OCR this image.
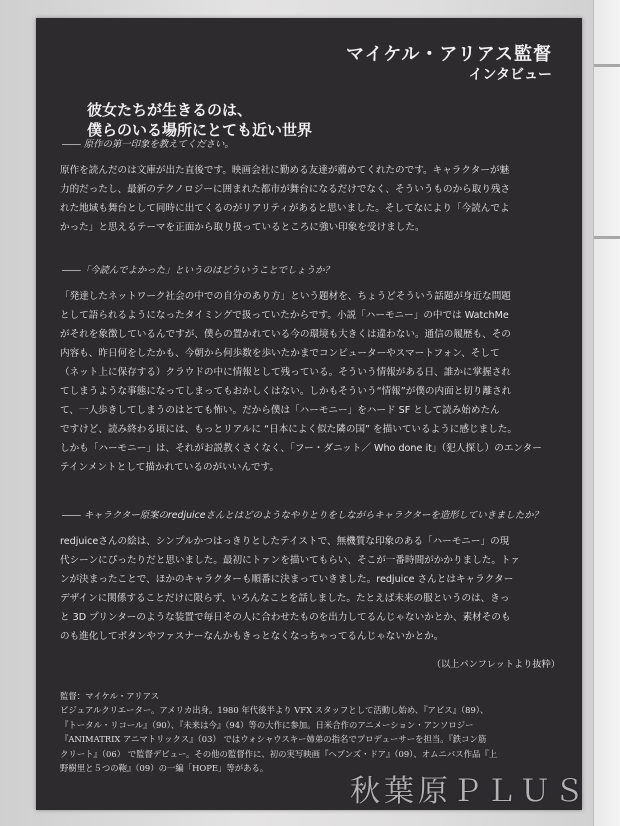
マイケル・アリアス監督
インタビュー
彼女たちが生きるのは、
僕らのいる場所にとても近い世界
―― 原作の第一印象を教えてください。
原作を読んだのは文庫が出た直後です。映画会社に勤める友達が薦めてくれたのです。キャラクターが魅
力的だったし、最新のテクノロジーに囲まれた都市が舞台になるだけでなく、そういうものから取り残さ
れた地域も舞台として同時に出てくるのがリアリティがあると思いました。そしてなにより「今読んでよ
かった」と思えるテーマを正面から取り扱っているところに強い印象を受けました。
――「今読んでよかった」というのはどういうことでしょうか？
「発達したネットワーク社会の中での自分のあり方」という題材を、ちょうどそういう話題が身近な問題
として語られるようになったタイミングで扱っていたからです。小説「ハーモニー」の中では WatchMe
がそれを象徴しているんですが、僕らの置かれている今の環境も大きくは違わない。通信の履歴も、その
内容も、昨日何をしたかも、今朝から何歩数を歩いたかまでコンピューターやスマートフォン、そして
（ネット上に保存する）クラウドの中に情報として残っている。そういう情報がある日、誰かに掌握され
てしまうような事態になってしまってもおかしくはない。しかもそういう“情報”が僕の内面と切り離され
て、一人歩きしてしまうのはとても怖い。だから僕は「ハーモニー」をハード SF として読み始めたん
ですけど、読み終わる頃には、もっとリアルに “日本によく似た隣の国” を描いているように感じました。
しかも「ハーモニー」は、それがお説教くさくなく、「フー・ダニット／ Who done it」（犯人探し）のエンター
テインメントとして描かれているのがいいんです。
―― キャラクター原案のredjuiceさんとはどのようなやりとりをしながらキャラクターを造形していきましたか？
redjuiceさんの絵は、シンプルかつはっきりとしたテイストで、無機質な印象のある「ハーモニー」の現
代シーンにぴったりだと思いました。最初にトァンを描いてもらい、そこが一番時間がかかりました。トァ
ンが決まったことで、ほかのキャラクターも順番に決まっていきました。redjuice さんとはキャラクター
デザインに関係することだけに限らず、いろんなことを話しました。たとえば未来の服というのは、きっ
と 3D プリンターのような装置で毎日その人に合わせたものを出力してるんじゃないかとか、素材そのも
のも進化してボタンやファスナーなんかもきっとなくなっちゃってるんじゃないかとか。
（以上パンフレットより抜粋）
監督：マイケル・アリアス
ビジュアルクリエーター。アメリカ出身。1980 年代後半より VFX スタッフとして活動し始め、『アビス』（89）、
『トータル・リコール』（90）、『未来は今』（94）等の大作に参加。日米合作のアニメーション・アンソロジー
『ANIMATRIX アニマトリックス』（03） ではウォシャウスキー姉弟の指名でプロデューサーを担当。『鉄コン筋
クリート』（06） で監督デビュー。その他の監督作に、初の実写映画『ヘブンズ・ドア』（09）、オムニバス作品『上
野樹里と５つの鞄』（09）の一編「HOPE」等がある。
秋葉原ＰＬＵＳ
